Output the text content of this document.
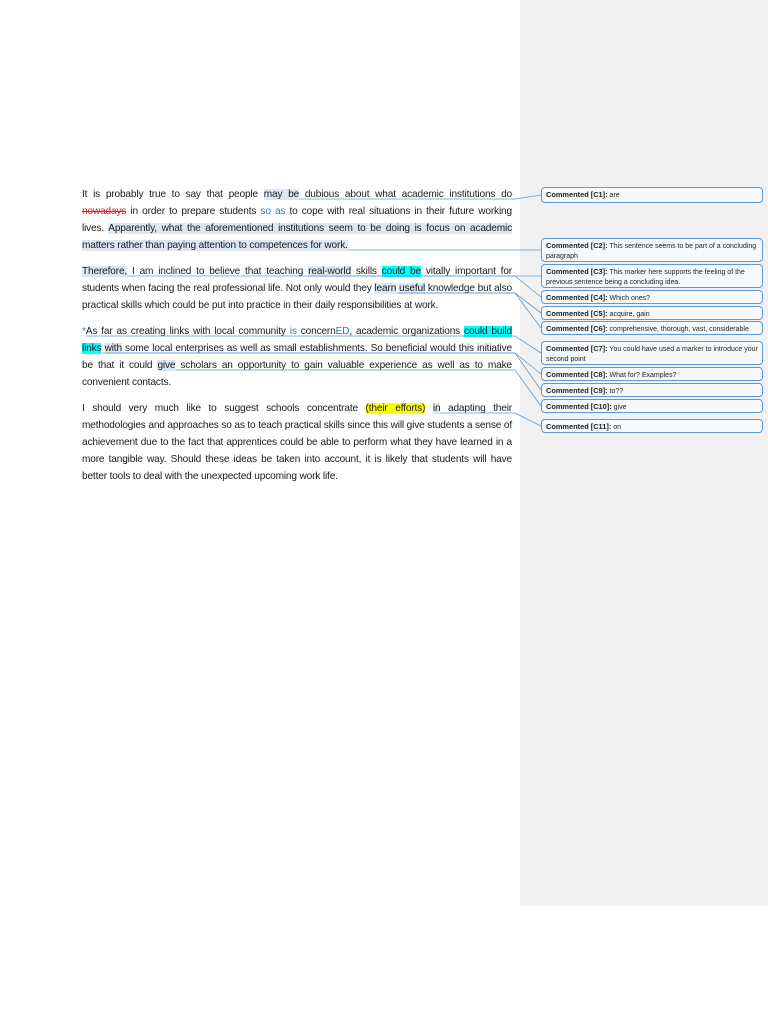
It is probably true to say that people may be dubious about what academic institutions do nowadays in order to prepare students so as to cope with real situations in their future working lives. Apparently, what the aforementioned institutions seem to be doing is focus on academic matters rather than paying attention to competences for work.

Therefore, I am inclined to believe that teaching real-world skills could be vitally important for students when facing the real professional life. Not only would they learn useful knowledge but also practical skills which could be put into practice in their daily responsibilities at work.

*As far as creating links with local community is concernED, academic organizations could build links with some local enterprises as well as small establishments. So beneficial would this initiative be that it could give scholars an opportunity to gain valuable experience as well as to make convenient contacts.

I should very much like to suggest schools concentrate (their efforts) in adapting their methodologies and approaches so as to teach practical skills since this will give students a sense of achievement due to the fact that apprentices could be able to perform what they have learned in a more tangible way. Should these ideas be taken into account, it is likely that students will have better tools to deal with the unexpected upcoming work life.

Commented [C1]: are
Commented [C2]: This sentence seems to be part of a concluding paragraph
Commented [C3]: This marker here supports the feeling of the previous sentence being a concluding idea.
Commented [C4]: Which ones?
Commented [C5]: acquire, gain
Commented [C6]: comprehensive, thorough, vast, considerable
Commented [C7]: You could have used a marker to introduce your second point
Commented [C8]: What for? Examples?
Commented [C9]: to??
Commented [C10]: give
Commented [C11]: on
